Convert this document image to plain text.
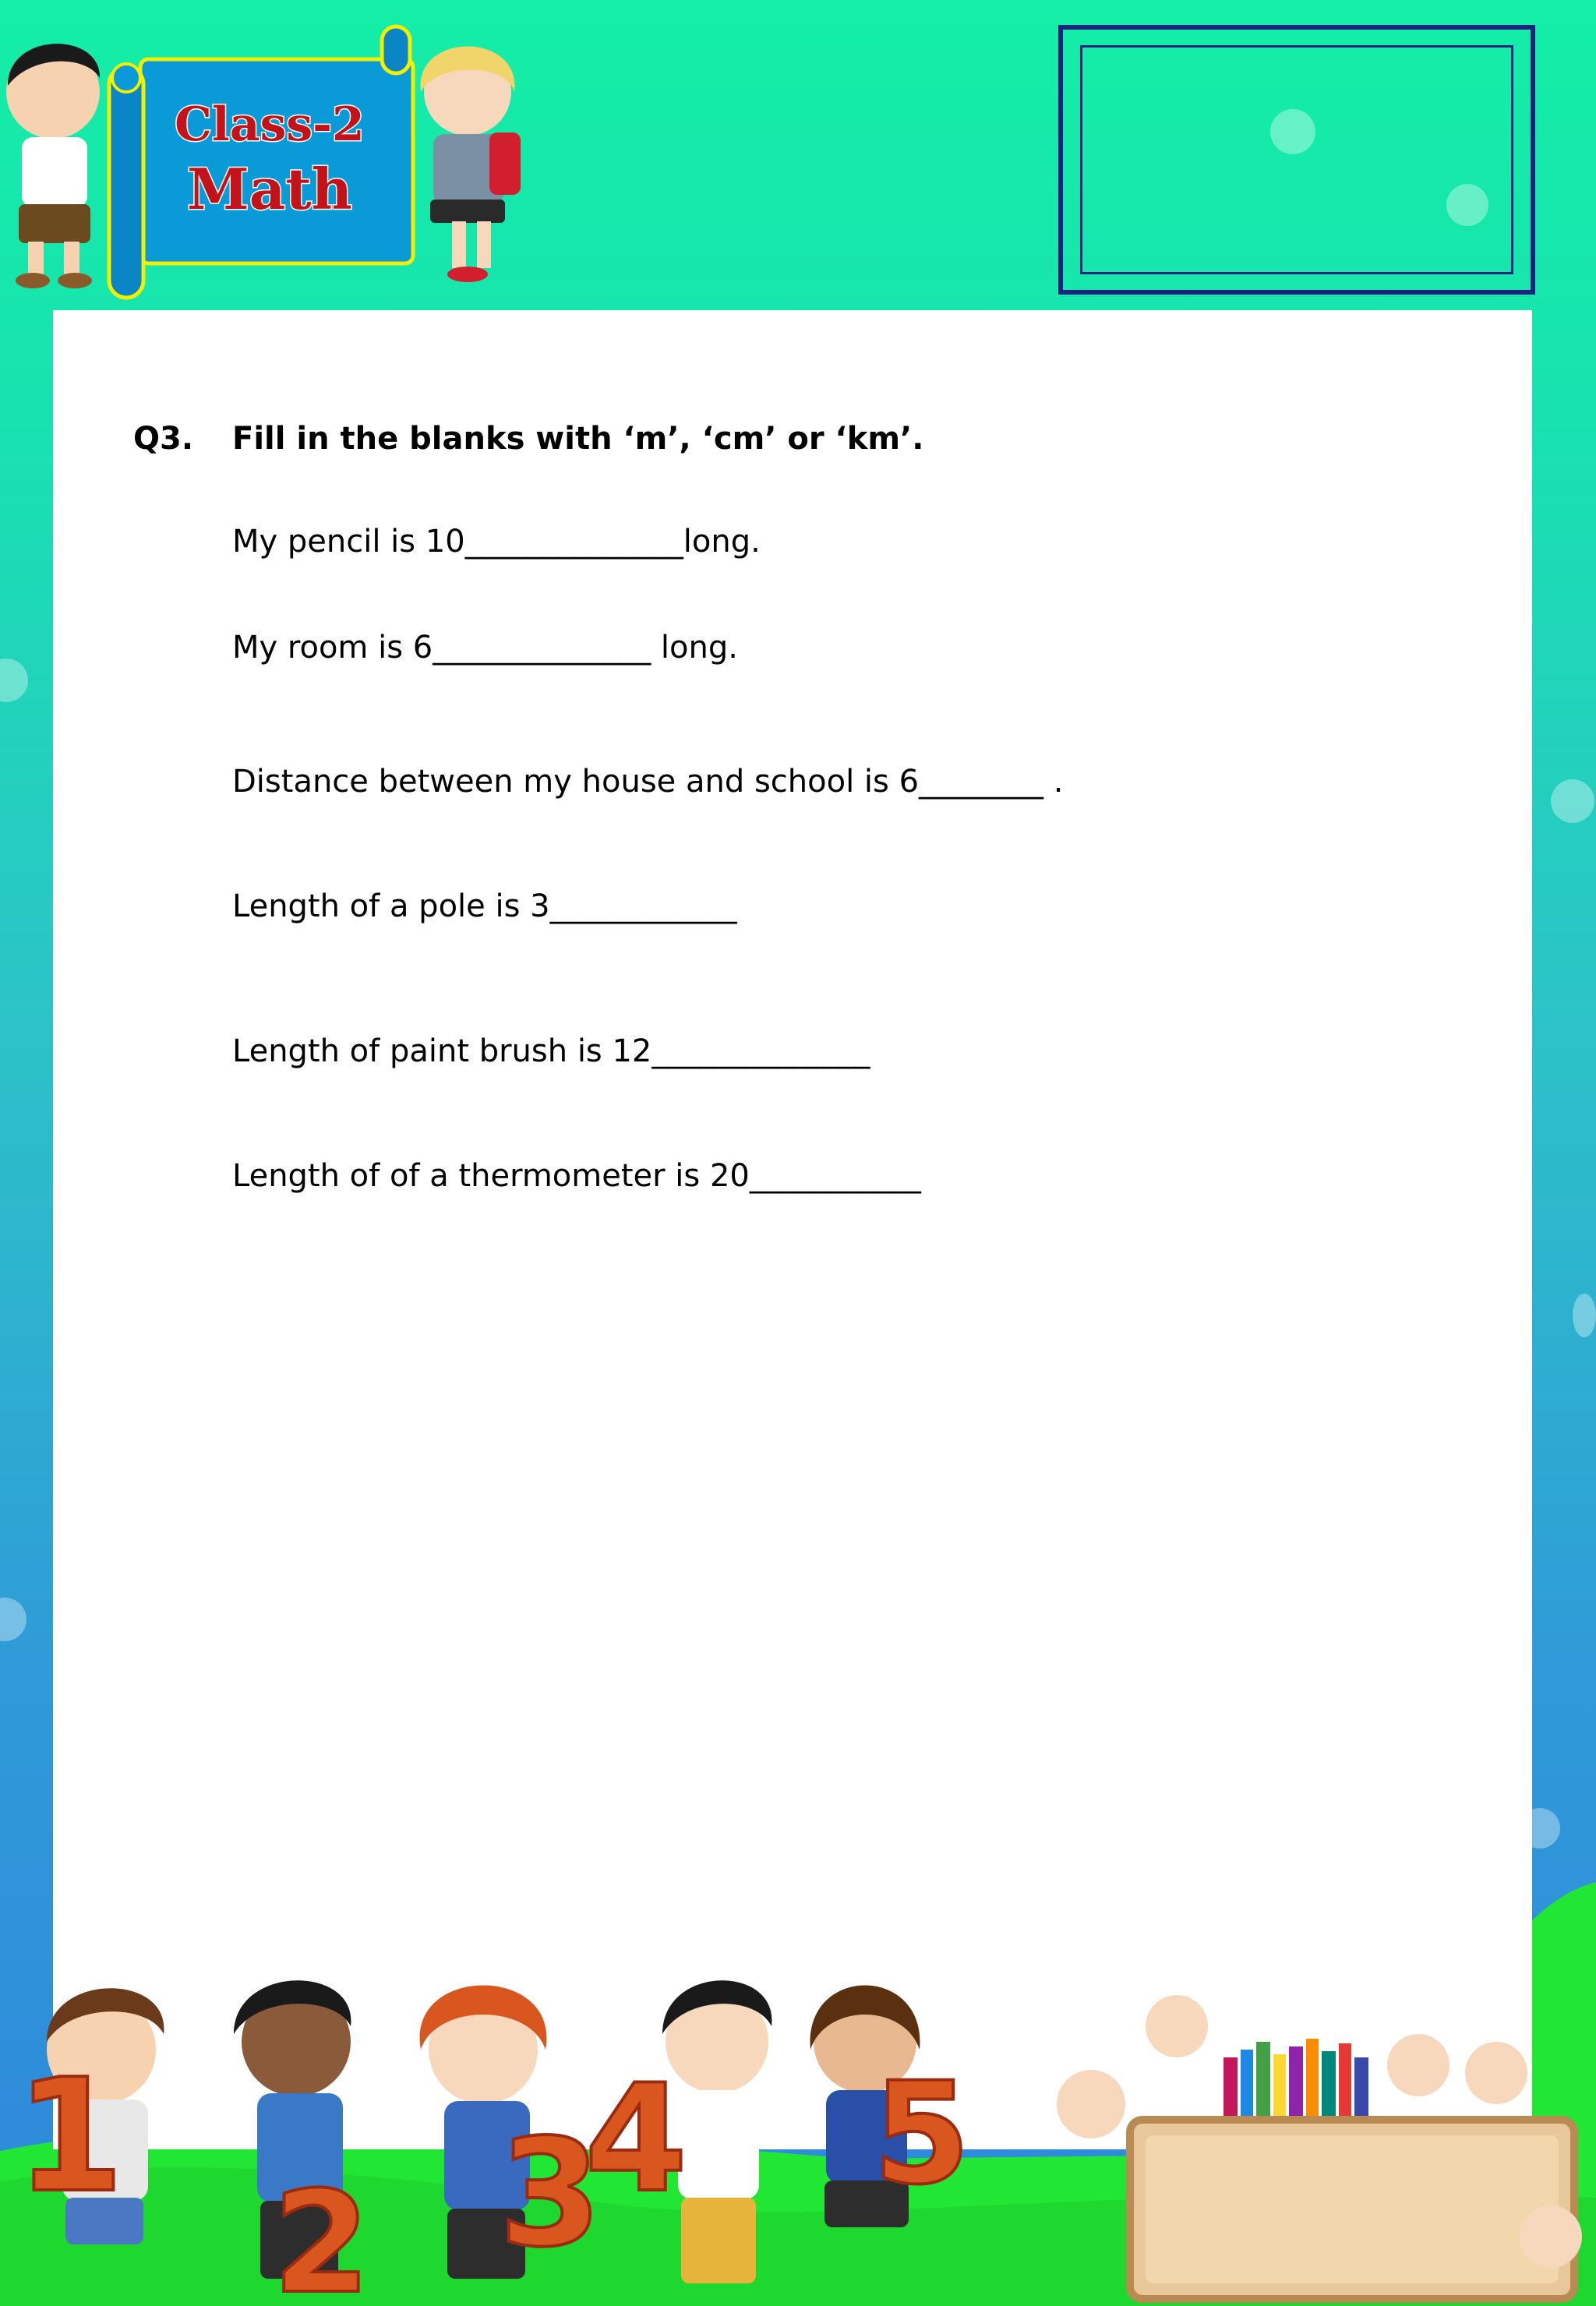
Class-2
Math
Q3. Fill in the blanks with ‘m’, ‘cm’ or ‘km’.
My pencil is 10______________long.
My room is 6______________ long.
Distance between my house and school is 6________ .
Length of a pole is 3____________
Length of paint brush is 12______________
Length of of a thermometer is 20___________
1
2 3
4 5
